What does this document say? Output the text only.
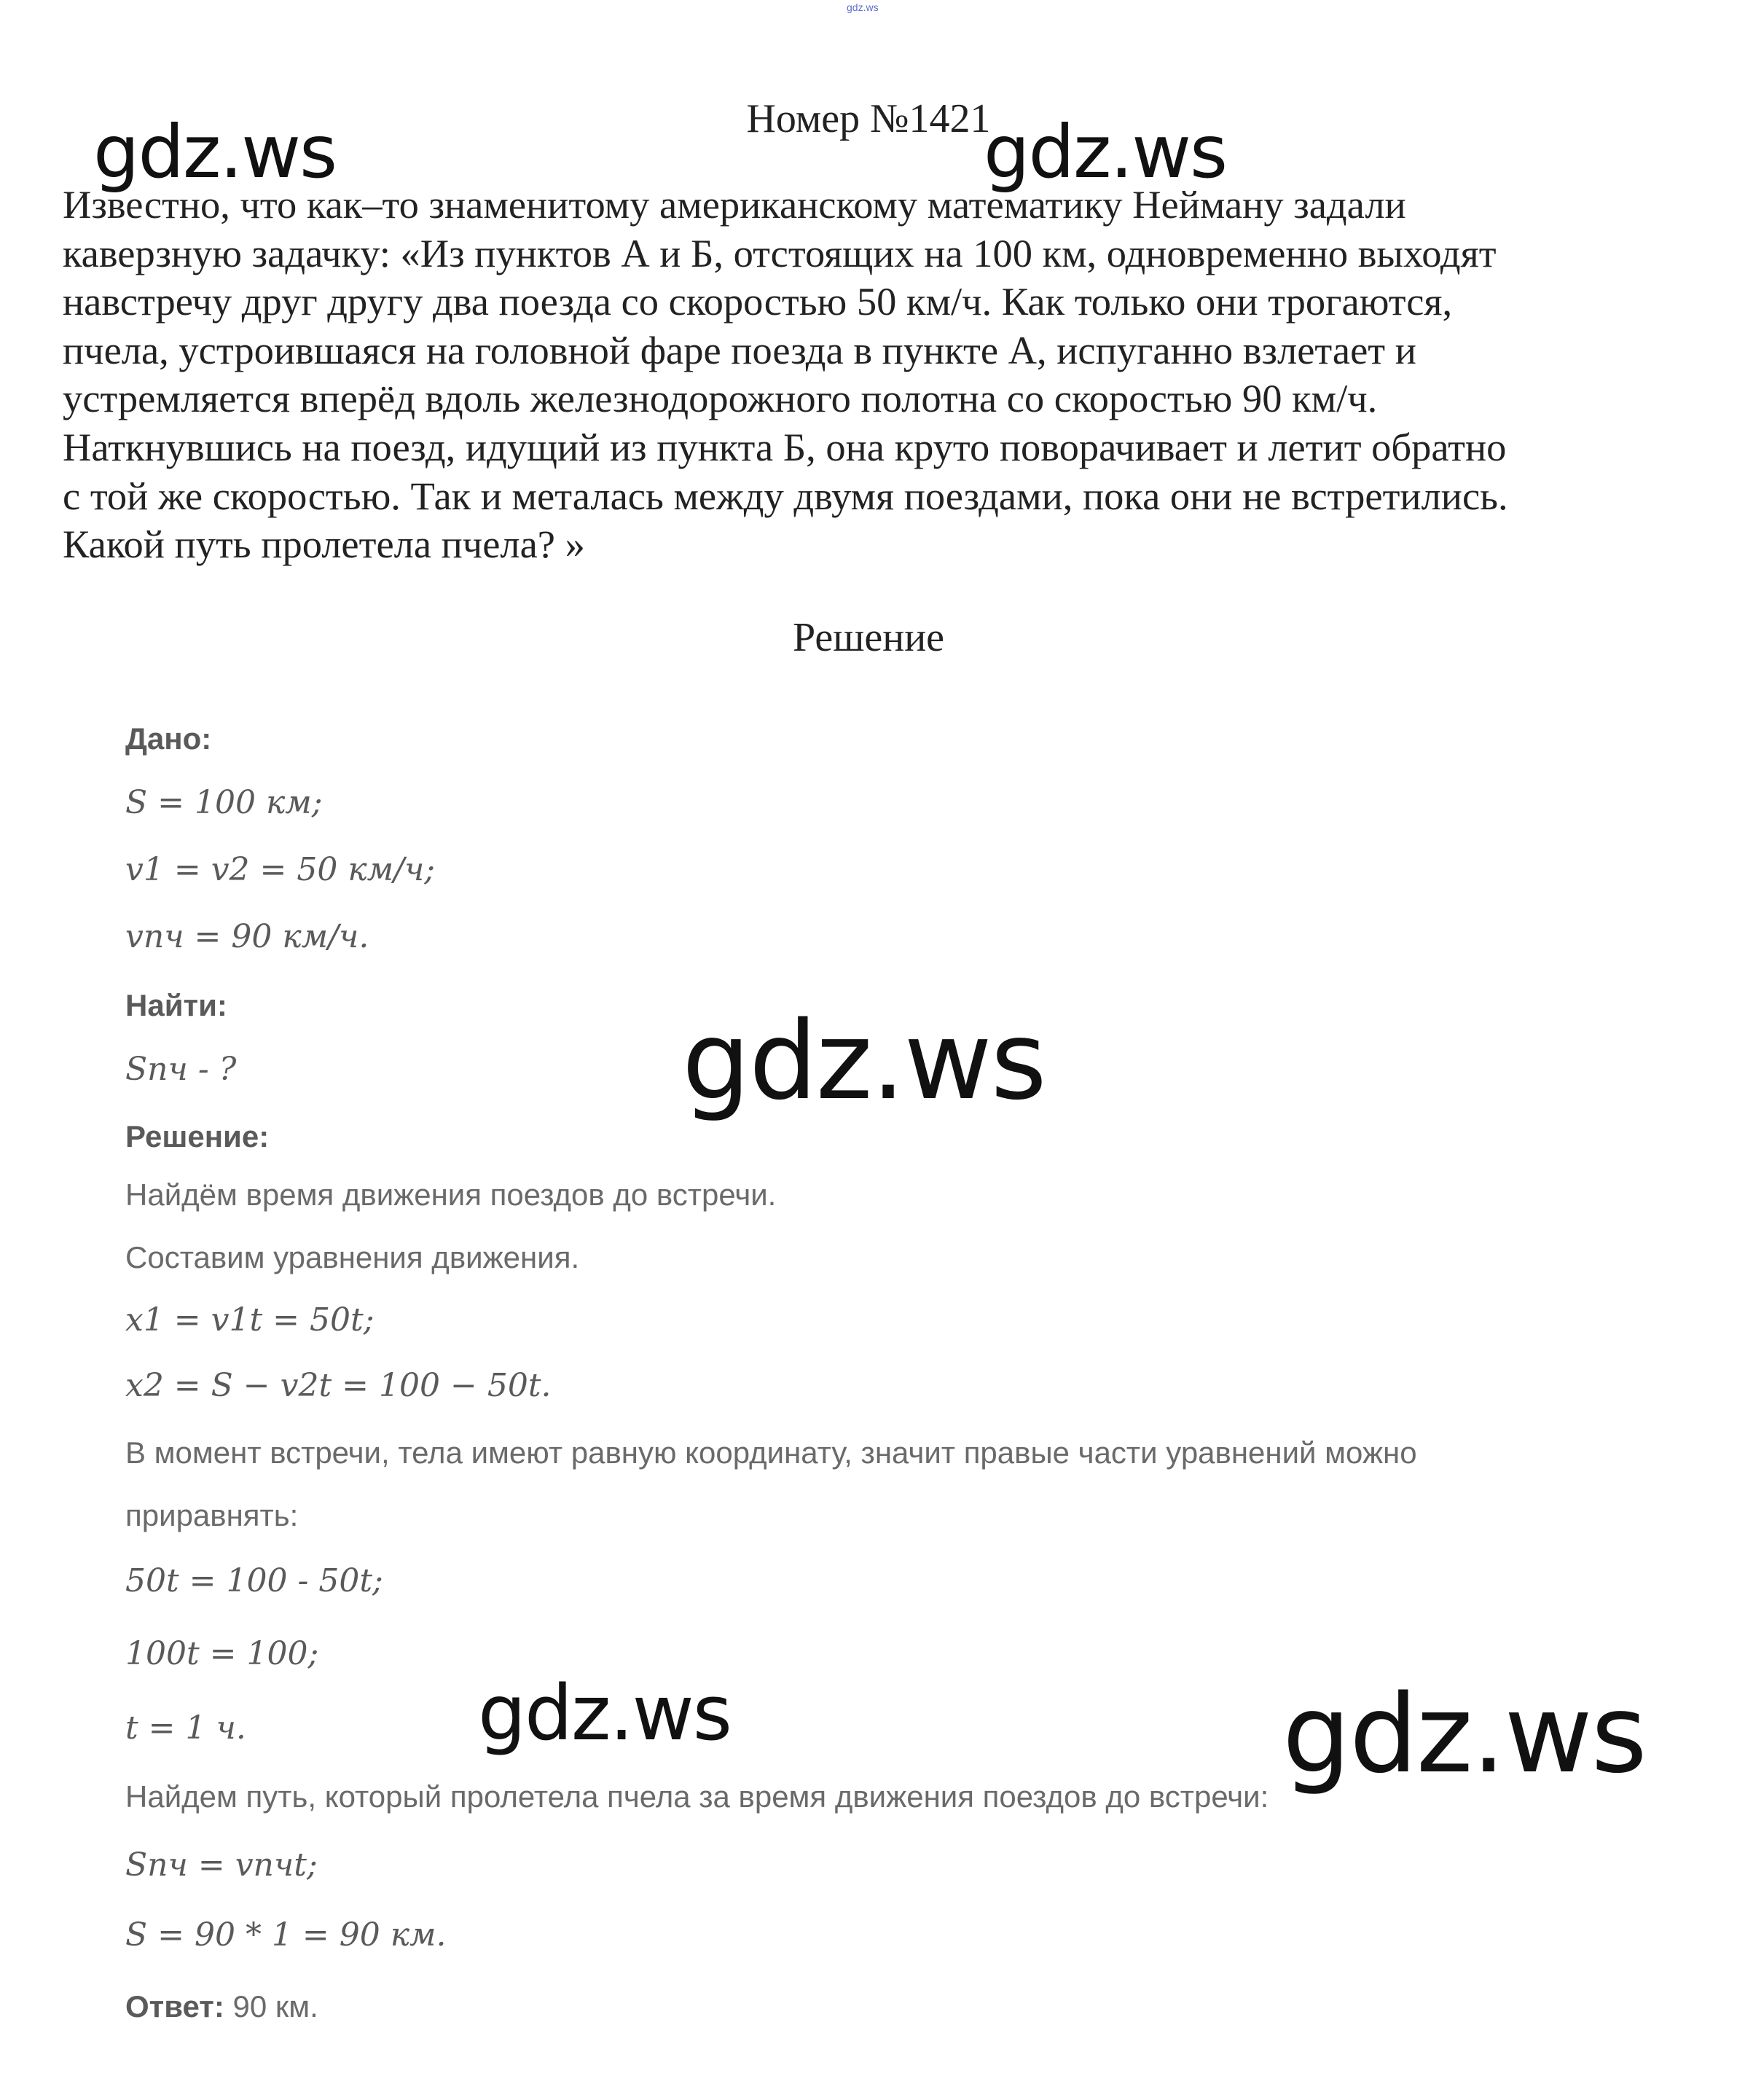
gdz.ws
Номер №1421
Известно, что как–то знаменитому американскому математику Нейману задали
каверзную задачку: «Из пунктов А и Б, отстоящих на 100 км, одновременно выходят
навстречу друг другу два поезда со скоростью 50 км/ч. Как только они трогаются,
пчела, устроившаяся на головной фаре поезда в пункте А, испуганно взлетает и
устремляется вперёд вдоль железнодорожного полотна со скоростью 90 км/ч.
Наткнувшись на поезд, идущий из пункта Б, она круто поворачивает и летит обратно
с той же скоростью. Так и металась между двумя поездами, пока они не встретились.
Какой путь пролетела пчела? »
Решение
Дано:
S = 100 км;
v1 = v2 = 50 км/ч;
vпч = 90 км/ч.
Найти:
Sпч - ?
Решение:
Найдём время движения поездов до встречи.
Составим уравнения движения.
x1 = v1t = 50t;
x2 = S − v2t = 100 − 50t.
В момент встречи, тела имеют равную координату, значит правые части уравнений можно
приравнять:
50t = 100 - 50t;
100t = 100;
t = 1 ч.
Найдем путь, который пролетела пчела за время движения поездов до встречи:
Sпч = vпчt;
S = 90 * 1 = 90 км.
Ответ: 90 км.
gdz.ws	gdz.ws
gdz.ws
gdz.ws	gdz.ws
